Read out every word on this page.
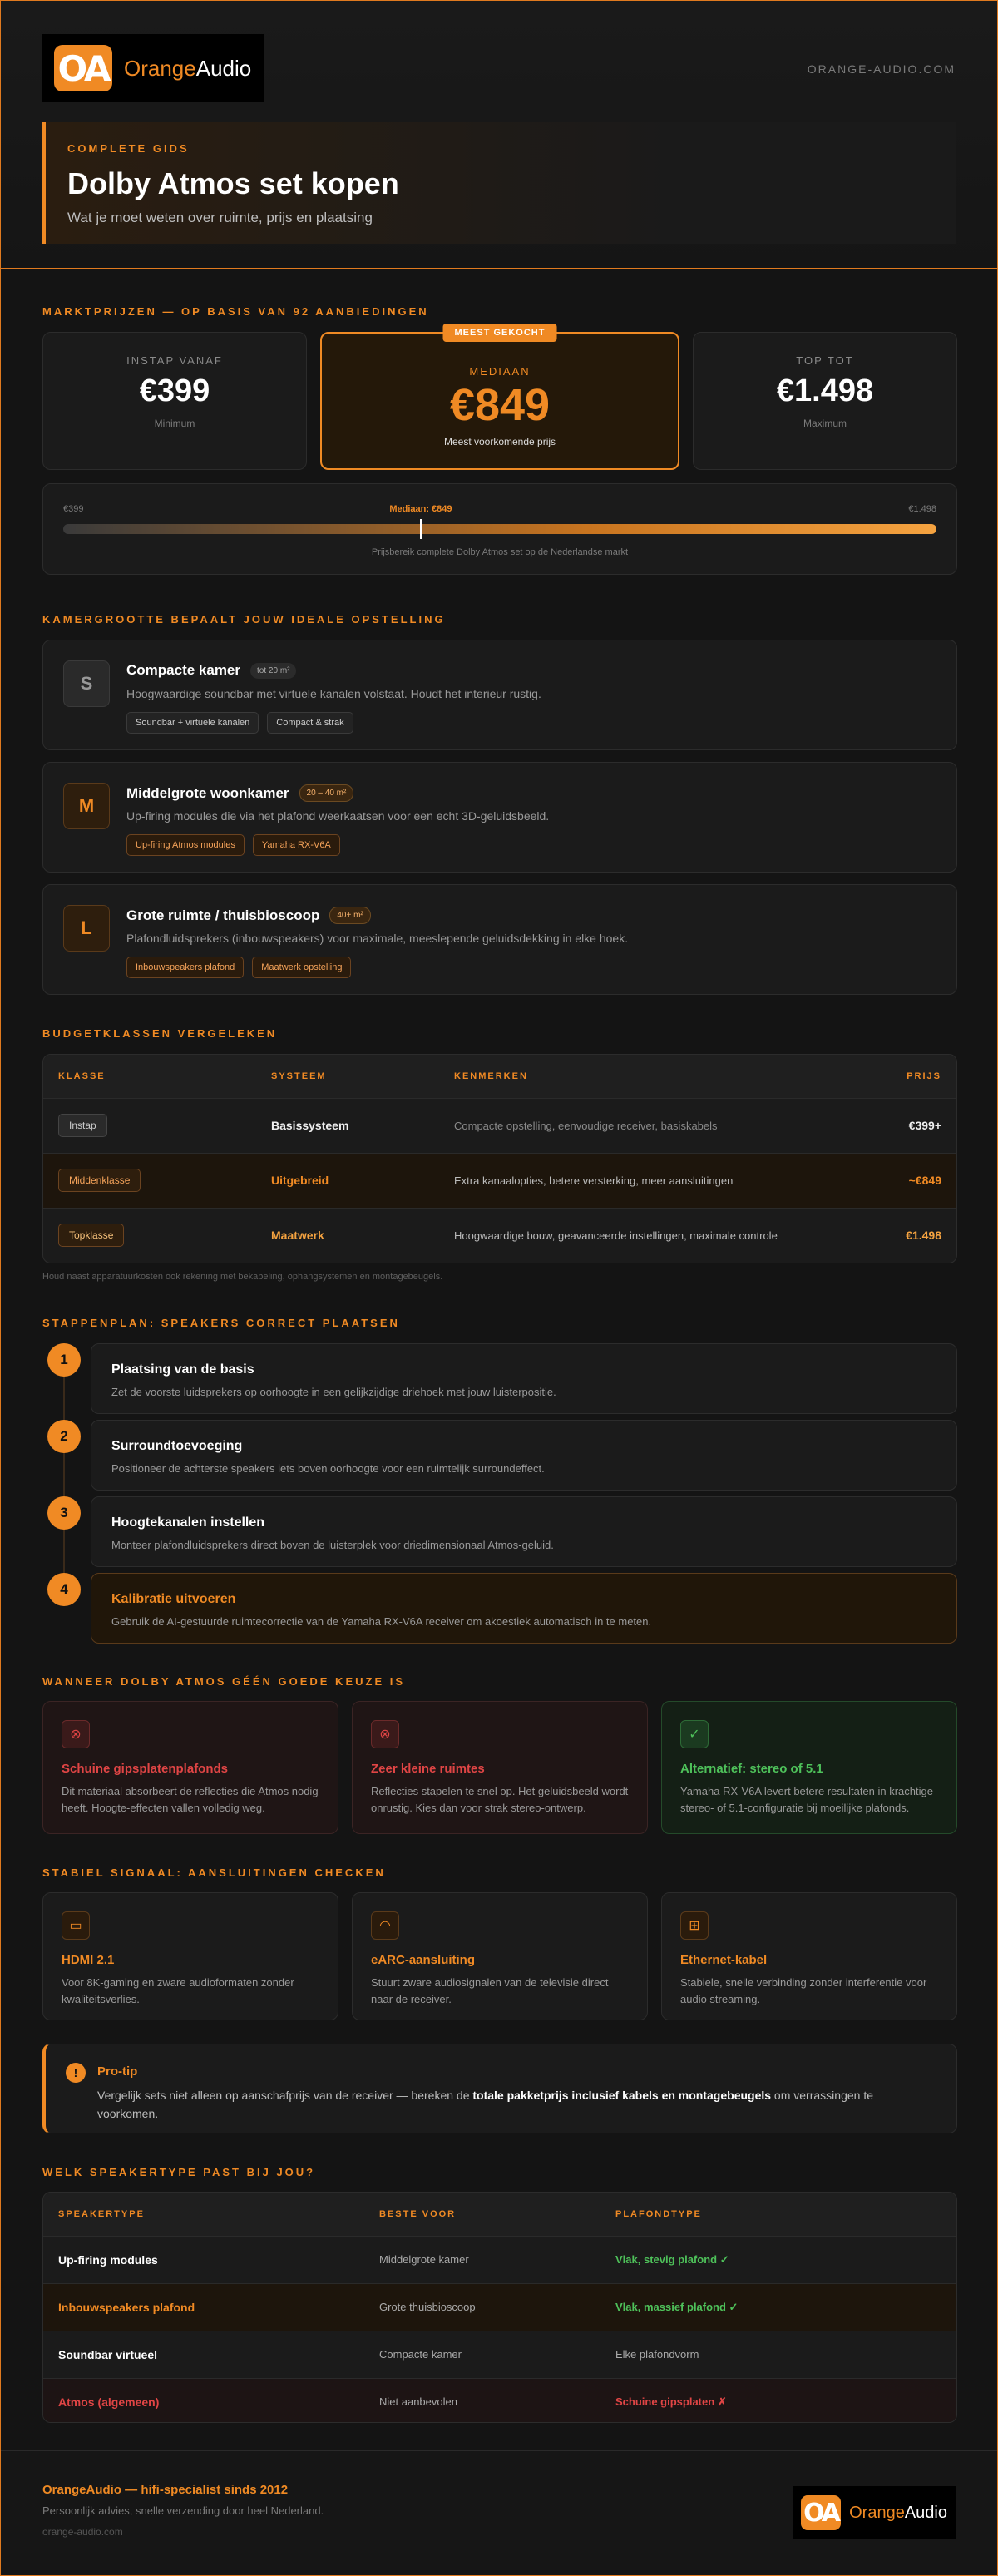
OA OrangeAudio	ORANGE-AUDIO.COM
COMPLETE GIDS
Dolby Atmos set kopen

Wat je moet weten over ruimte, prijs en plaatsing

MARKTPRIJZEN — OP BASIS VAN 92 AANBIEDINGEN
INSTAP VANAF
€399
Minimum
MEEST GEKOCHT
MEDIAAN
€849
Meest voorkomende prijs
TOP TOT
€1.498
Maximum
€399	Mediaan: €849	€1.498
Prijsbereik complete Dolby Atmos set op de Nederlandse markt
KAMERGROOTTE BEPAALT JOUW IDEALE OPSTELLING
S
Compacte kamer	tot 20 m²
Hoogwaardige soundbar met virtuele kanalen volstaat. Houdt het interieur rustig.
Soundbar + virtuele kanalen	Compact & strak
M
Middelgrote woonkamer	20 – 40 m²
Up-firing modules die via het plafond weerkaatsen voor een echt 3D-geluidsbeeld.
Up-firing Atmos modules	Yamaha RX-V6A
L
Grote ruimte / thuisbioscoop	40+ m²
Plafondluidsprekers (inbouwspeakers) voor maximale, meeslepende geluidsdekking in elke hoek.
Inbouwspeakers plafond	Maatwerk opstelling
BUDGETKLASSEN VERGELEKEN
KLASSE	SYSTEEM	KENMERKEN	PRIJS
Instap	Basissysteem	Compacte opstelling, eenvoudige receiver, basiskabels	€399+
Middenklasse	Uitgebreid	Extra kanaalopties, betere versterking, meer aansluitingen	~€849
Topklasse	Maatwerk	Hoogwaardige bouw, geavanceerde instellingen, maximale controle	€1.498
Houd naast apparatuurkosten ook rekening met bekabeling, ophangsystemen en montagebeugels.
STAPPENPLAN: SPEAKERS CORRECT PLAATSEN
1
Plaatsing van de basis

Zet de voorste luidsprekers op oorhoogte in een gelijkzijdige driehoek met jouw luisterpositie.

2
Surroundtoevoeging

Positioneer de achterste speakers iets boven oorhoogte voor een ruimtelijk surroundeffect.

3
Hoogtekanalen instellen

Monteer plafondluidsprekers direct boven de luisterplek voor driedimensionaal Atmos-geluid.

4
Kalibratie uitvoeren

Gebruik de AI-gestuurde ruimtecorrectie van de Yamaha RX-V6A receiver om akoestiek automatisch in te meten.

WANNEER DOLBY ATMOS GÉÉN GOEDE KEUZE IS
⊗
Schuine gipsplatenplafonds

Dit materiaal absorbeert de reflecties die Atmos nodig heeft. Hoogte-effecten vallen volledig weg.

⊗
Zeer kleine ruimtes

Reflecties stapelen te snel op. Het geluidsbeeld wordt onrustig. Kies dan voor strak stereo-ontwerp.

✓
Alternatief: stereo of 5.1

Yamaha RX-V6A levert betere resultaten in krachtige stereo- of 5.1-configuratie bij moeilijke plafonds.

STABIEL SIGNAAL: AANSLUITINGEN CHECKEN
▭
HDMI 2.1

Voor 8K-gaming en zware audioformaten zonder kwaliteitsverlies.

◠
eARC-aansluiting

Stuurt zware audiosignalen van de televisie direct naar de receiver.

⊞
Ethernet-kabel

Stabiele, snelle verbinding zonder interferentie voor audio streaming.

!	Pro-tip

Vergelijk sets niet alleen op aanschafprijs van de receiver — bereken de totale pakketprijs inclusief kabels en montagebeugels om verrassingen te voorkomen.

WELK SPEAKERTYPE PAST BIJ JOU?
SPEAKERTYPE	BESTE VOOR	PLAFONDTYPE
Up-firing modules	Middelgrote kamer	Vlak, stevig plafond ✓
Inbouwspeakers plafond	Grote thuisbioscoop	Vlak, massief plafond ✓
Soundbar virtueel	Compacte kamer	Elke plafondvorm
Atmos (algemeen)	Niet aanbevolen	Schuine gipsplaten ✗
OrangeAudio — hifi-specialist sinds 2012
Persoonlijk advies, snelle verzending door heel Nederland.
orange-audio.com
OA OrangeAudio
